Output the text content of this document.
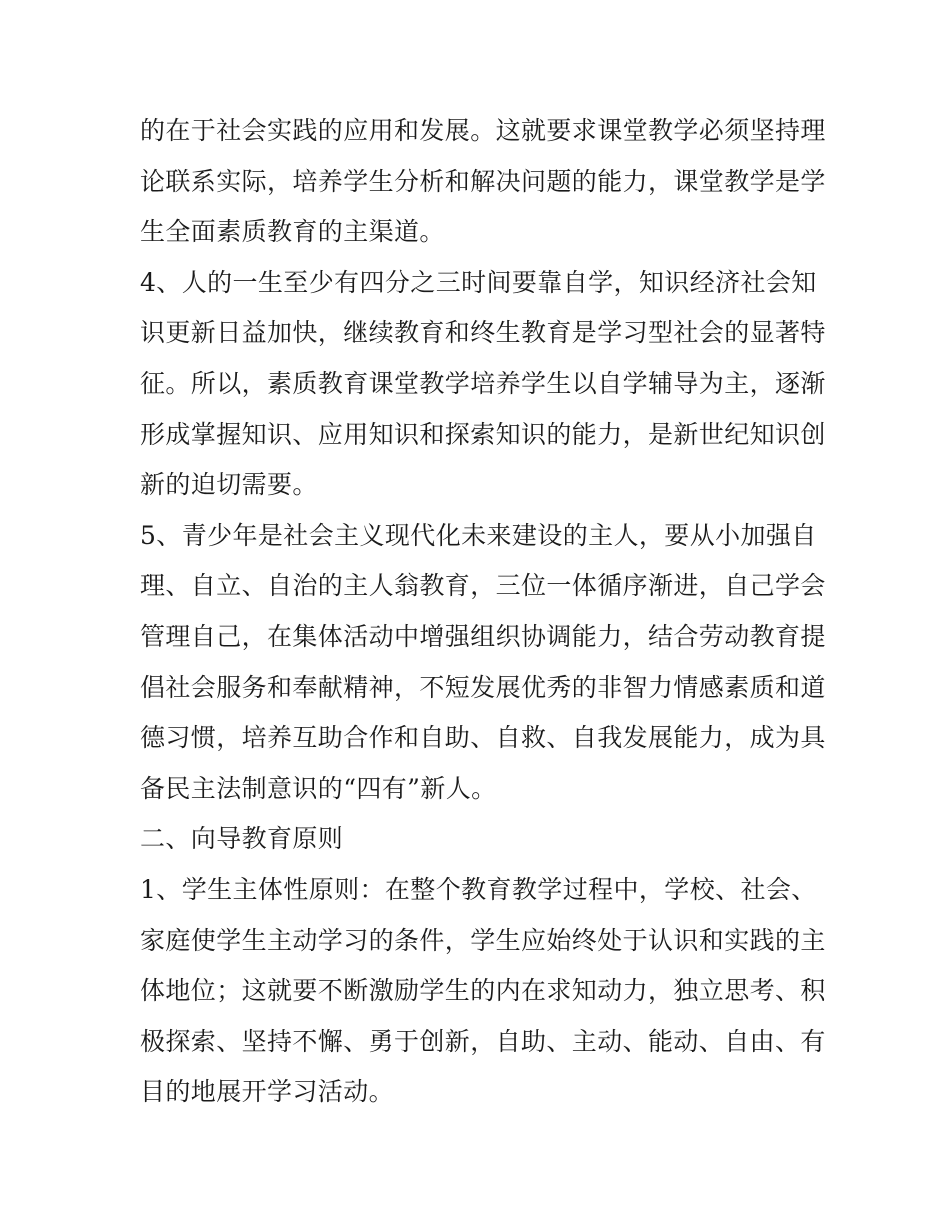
的在于社会实践的应用和发展。这就要求课堂教学必须坚持理
论联系实际，培养学生分析和解决问题的能力，课堂教学是学
生全面素质教育的主渠道。
4、人的一生至少有四分之三时间要靠自学，知识经济社会知
识更新日益加快，继续教育和终生教育是学习型社会的显著特
征。所以，素质教育课堂教学培养学生以自学辅导为主，逐渐
形成掌握知识、应用知识和探索知识的能力，是新世纪知识创
新的迫切需要。
5、青少年是社会主义现代化未来建设的主人，要从小加强自
理、自立、自治的主人翁教育，三位一体循序渐进，自己学会
管理自己，在集体活动中增强组织协调能力，结合劳动教育提
倡社会服务和奉献精神，不短发展优秀的非智力情感素质和道
德习惯，培养互助合作和自助、自救、自我发展能力，成为具
备民主法制意识的“四有”新人。
二、向导教育原则
1、学生主体性原则：在整个教育教学过程中，学校、社会、
家庭使学生主动学习的条件，学生应始终处于认识和实践的主
体地位；这就要不断激励学生的内在求知动力，独立思考、积
极探索、坚持不懈、勇于创新，自助、主动、能动、自由、有
目的地展开学习活动。
